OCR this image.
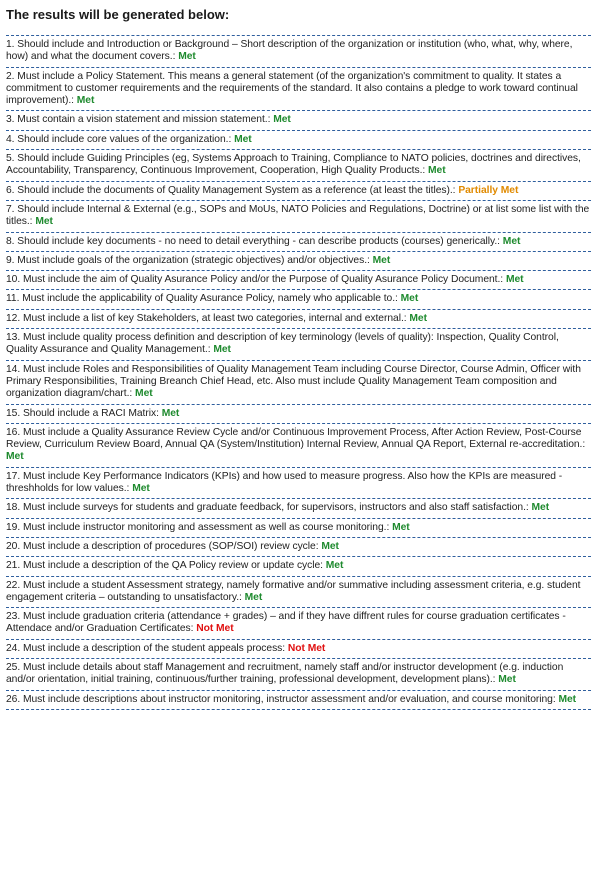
The results will be generated below:
1. Should include and Introduction or Background – Short description of the organization or institution (who, what, why, where, how) and what the document covers.: Met
2. Must include a Policy Statement. This means a general statement (of the organization's commitment to quality. It states a commitment to customer requirements and the requirements of the standard. It also contains a pledge to work toward continual improvement).: Met
3. Must contain a vision statement and mission statement.: Met
4. Should include core values of the organization.: Met
5. Should include Guiding Principles (eg, Systems Approach to Training, Compliance to NATO policies, doctrines and directives, Accountability, Transparency, Continuous Improvement, Cooperation, High Quality Products.: Met
6. Should include the documents of Quality Management System as a reference (at least the titles).: Partially Met
7. Should include Internal & External (e.g., SOPs and MoUs, NATO Policies and Regulations, Doctrine) or at list some list with the titles.: Met
8. Should include key documents - no need to detail everything - can describe products (courses) generically.: Met
9. Must include goals of the organization (strategic objectives) and/or objectives.: Met
10. Must include the aim of Quality Asurance Policy and/or the Purpose of Quality Asurance Policy Document.: Met
11. Must include the applicability of Quality Asurance Policy, namely who applicable to.: Met
12. Must include a list of key Stakeholders, at least two categories, internal and external.: Met
13. Must include quality process definition and description of key terminology (levels of quality): Inspection, Quality Control, Quality Assurance and Quality Management.: Met
14. Must include Roles and Responsibilities of Quality Management Team including Course Director, Course Admin, Officer with Primary Responsibilities, Training Breanch Chief Head, etc. Also must include Quality Management Team composition and organization diagram/chart.: Met
15. Should include a RACI Matrix: Met
16. Must include a Quality Assurance Review Cycle and/or Continuous Improvement Process, After Action Review, Post-Course Review, Curriculum Review Board, Annual QA (System/Institution) Internal Review, Annual QA Report, External re-accreditation.: Met
17. Must include Key Performance Indicators (KPIs) and how used to measure progress. Also how the KPIs are measured - threshholds for low values.: Met
18. Must include surveys for students and graduate feedback, for supervisors, instructors and also staff satisfaction.: Met
19. Must include instructor monitoring and assessment as well as course monitoring.: Met
20. Must include a description of procedures (SOP/SOI) review cycle: Met
21. Must include a description of the QA Policy review or update cycle: Met
22. Must include a student Assessment strategy, namely formative and/or summative including assessment criteria, e.g. student engagement criteria – outstanding to unsatisfactory.: Met
23. Must include graduation criteria (attendance + grades) – and if they have diffrent rules for course graduation certificates - Attendace and/or Graduation Certificates: Not Met
24. Must include a description of the student appeals process: Not Met
25. Must include details about staff Management and recruitment, namely staff and/or instructor development (e.g. induction and/or orientation, initial training, continuous/further training, professional development, development plans).: Met
26. Must include descriptions about instructor monitoring, instructor assessment and/or evaluation, and course monitoring: Met
